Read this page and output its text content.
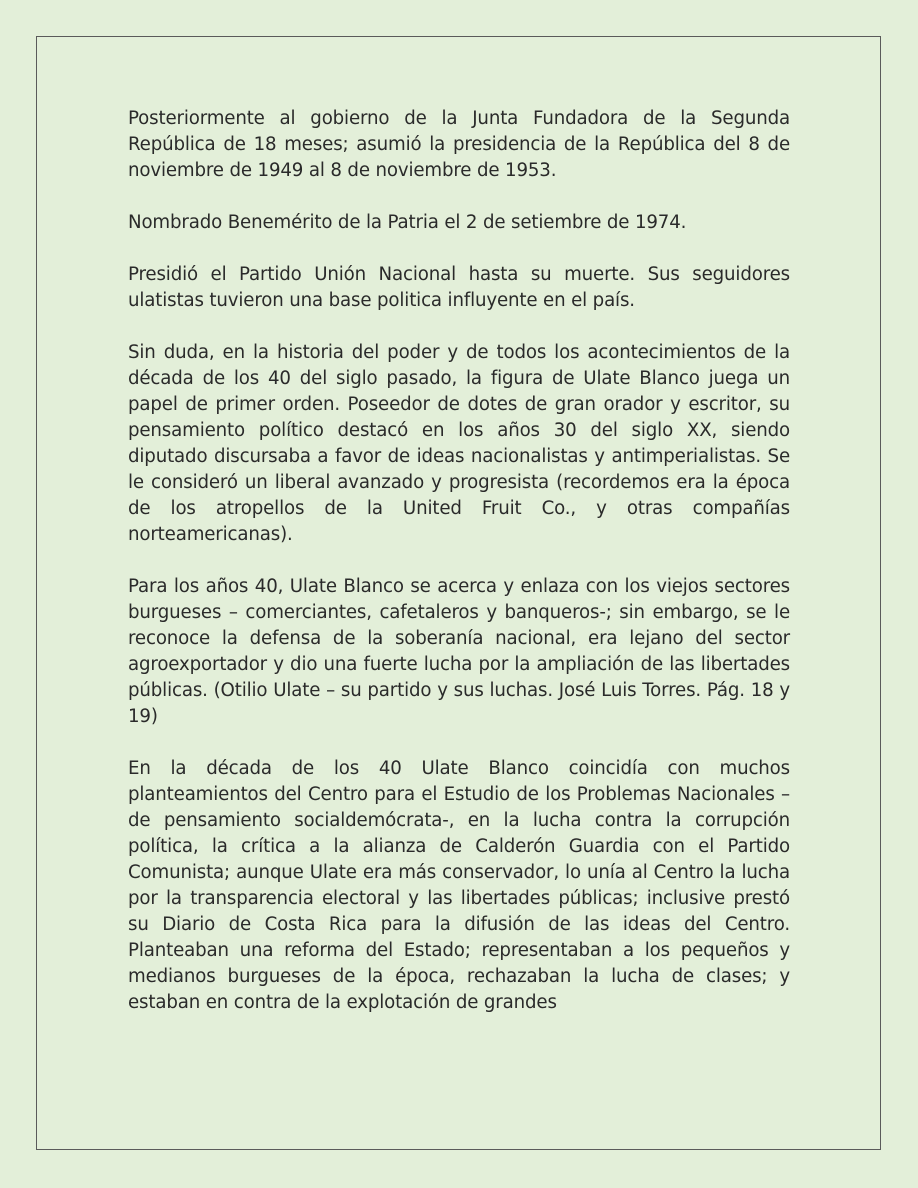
Posteriormente al gobierno de la Junta Fundadora de la Segunda República de 18 meses; asumió la presidencia de la República del 8 de noviembre de 1949 al 8 de noviembre de 1953.

Nombrado Benemérito de la Patria el 2 de setiembre de 1974.

Presidió el Partido Unión Nacional hasta su muerte. Sus seguidores ulatistas tuvieron una base politica influyente en el país.

Sin duda, en la historia del poder y de todos los acontecimientos de la década de los 40 del siglo pasado, la figura de Ulate Blanco juega un papel de primer orden. Poseedor de dotes de gran orador y escritor, su pensamiento político destacó en los años 30 del siglo XX, siendo diputado discursaba a favor de ideas nacionalistas y antimperialistas. Se le consideró un liberal avanzado y progresista (recordemos era la época de los atropellos de la United Fruit Co., y otras compañías norteamericanas).

Para los años 40, Ulate Blanco se acerca y enlaza con los viejos sectores burgueses – comerciantes, cafetaleros y banqueros-; sin embargo, se le reconoce la defensa de la soberanía nacional, era lejano del sector agroexportador y dio una fuerte lucha por la ampliación de las libertades públicas. (Otilio Ulate – su partido y sus luchas. José Luis Torres. Pág. 18 y 19)

En la década de los 40 Ulate Blanco coincidía con muchos planteamientos del Centro para el Estudio de los Problemas Nacionales – de pensamiento socialdemócrata-, en la lucha contra la corrupción política, la crítica a la alianza de Calderón Guardia con el Partido Comunista; aunque Ulate era más conservador, lo unía al Centro la lucha por la transparencia electoral y las libertades públicas; inclusive prestó su Diario de Costa Rica para la difusión de las ideas del Centro. Planteaban una reforma del Estado; representaban a los pequeños y medianos burgueses de la época, rechazaban la lucha de clases; y estaban en contra de la explotación de grandes
